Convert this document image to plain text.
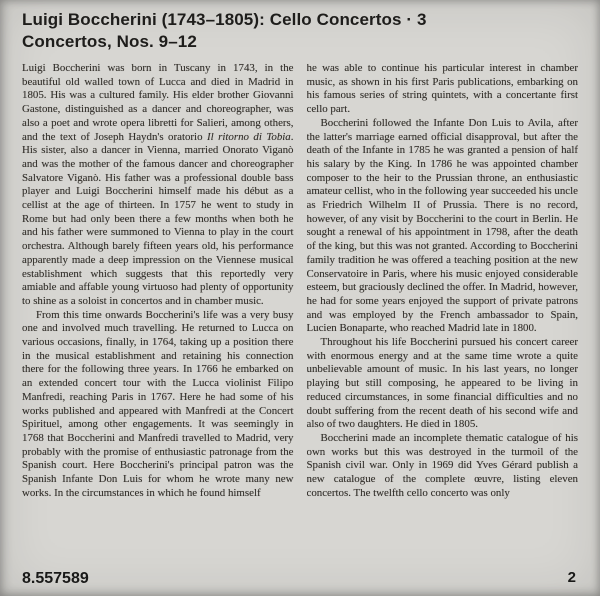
Luigi Boccherini (1743–1805): Cello Concertos · 3
Concertos, Nos. 9–12

Luigi Boccherini was born in Tuscany in 1743, in the beautiful old walled town of Lucca and died in Madrid in 1805. His was a cultured family. His elder brother Giovanni Gastone, distinguished as a dancer and choreographer, was also a poet and wrote opera libretti for Salieri, among others, and the text of Joseph Haydn's oratorio Il ritorno di Tobia. His sister, also a dancer in Vienna, married Onorato Viganò and was the mother of the famous dancer and choreographer Salvatore Viganò. His father was a professional double bass player and Luigi Boccherini himself made his début as a cellist at the age of thirteen. In 1757 he went to study in Rome but had only been there a few months when both he and his father were summoned to Vienna to play in the court orchestra. Although barely fifteen years old, his performance apparently made a deep impression on the Viennese musical establishment which suggests that this reportedly very amiable and affable young virtuoso had plenty of opportunity to shine as a soloist in concertos and in chamber music.

From this time onwards Boccherini's life was a very busy one and involved much travelling. He returned to Lucca on various occasions, finally, in 1764, taking up a position there in the musical establishment and retaining his connection there for the following three years. In 1766 he embarked on an extended concert tour with the Lucca violinist Filipo Manfredi, reaching Paris in 1767. Here he had some of his works published and appeared with Manfredi at the Concert Spirituel, among other engagements. It was seemingly in 1768 that Boccherini and Manfredi travelled to Madrid, very probably with the promise of enthusiastic patronage from the Spanish court. Here Boccherini's principal patron was the Spanish Infante Don Luis for whom he wrote many new works. In the circumstances in which he found himself

he was able to continue his particular interest in chamber music, as shown in his first Paris publications, embarking on his famous series of string quintets, with a concertante first cello part.

Boccherini followed the Infante Don Luis to Avila, after the latter's marriage earned official disapproval, but after the death of the Infante in 1785 he was granted a pension of half his salary by the King. In 1786 he was appointed chamber composer to the heir to the Prussian throne, an enthusiastic amateur cellist, who in the following year succeeded his uncle as Friedrich Wilhelm II of Prussia. There is no record, however, of any visit by Boccherini to the court in Berlin. He sought a renewal of his appointment in 1798, after the death of the king, but this was not granted. According to Boccherini family tradition he was offered a teaching position at the new Conservatoire in Paris, where his music enjoyed considerable esteem, but graciously declined the offer. In Madrid, however, he had for some years enjoyed the support of private patrons and was employed by the French ambassador to Spain, Lucien Bonaparte, who reached Madrid late in 1800.

Throughout his life Boccherini pursued his concert career with enormous energy and at the same time wrote a quite unbelievable amount of music. In his last years, no longer playing but still composing, he appeared to be living in reduced circumstances, in some financial difficulties and no doubt suffering from the recent death of his second wife and also of two daughters. He died in 1805.

Boccherini made an incomplete thematic catalogue of his own works but this was destroyed in the turmoil of the Spanish civil war. Only in 1969 did Yves Gérard publish a new catalogue of the complete œuvre, listing eleven concertos. The twelfth cello concerto was only

8.557589	2
